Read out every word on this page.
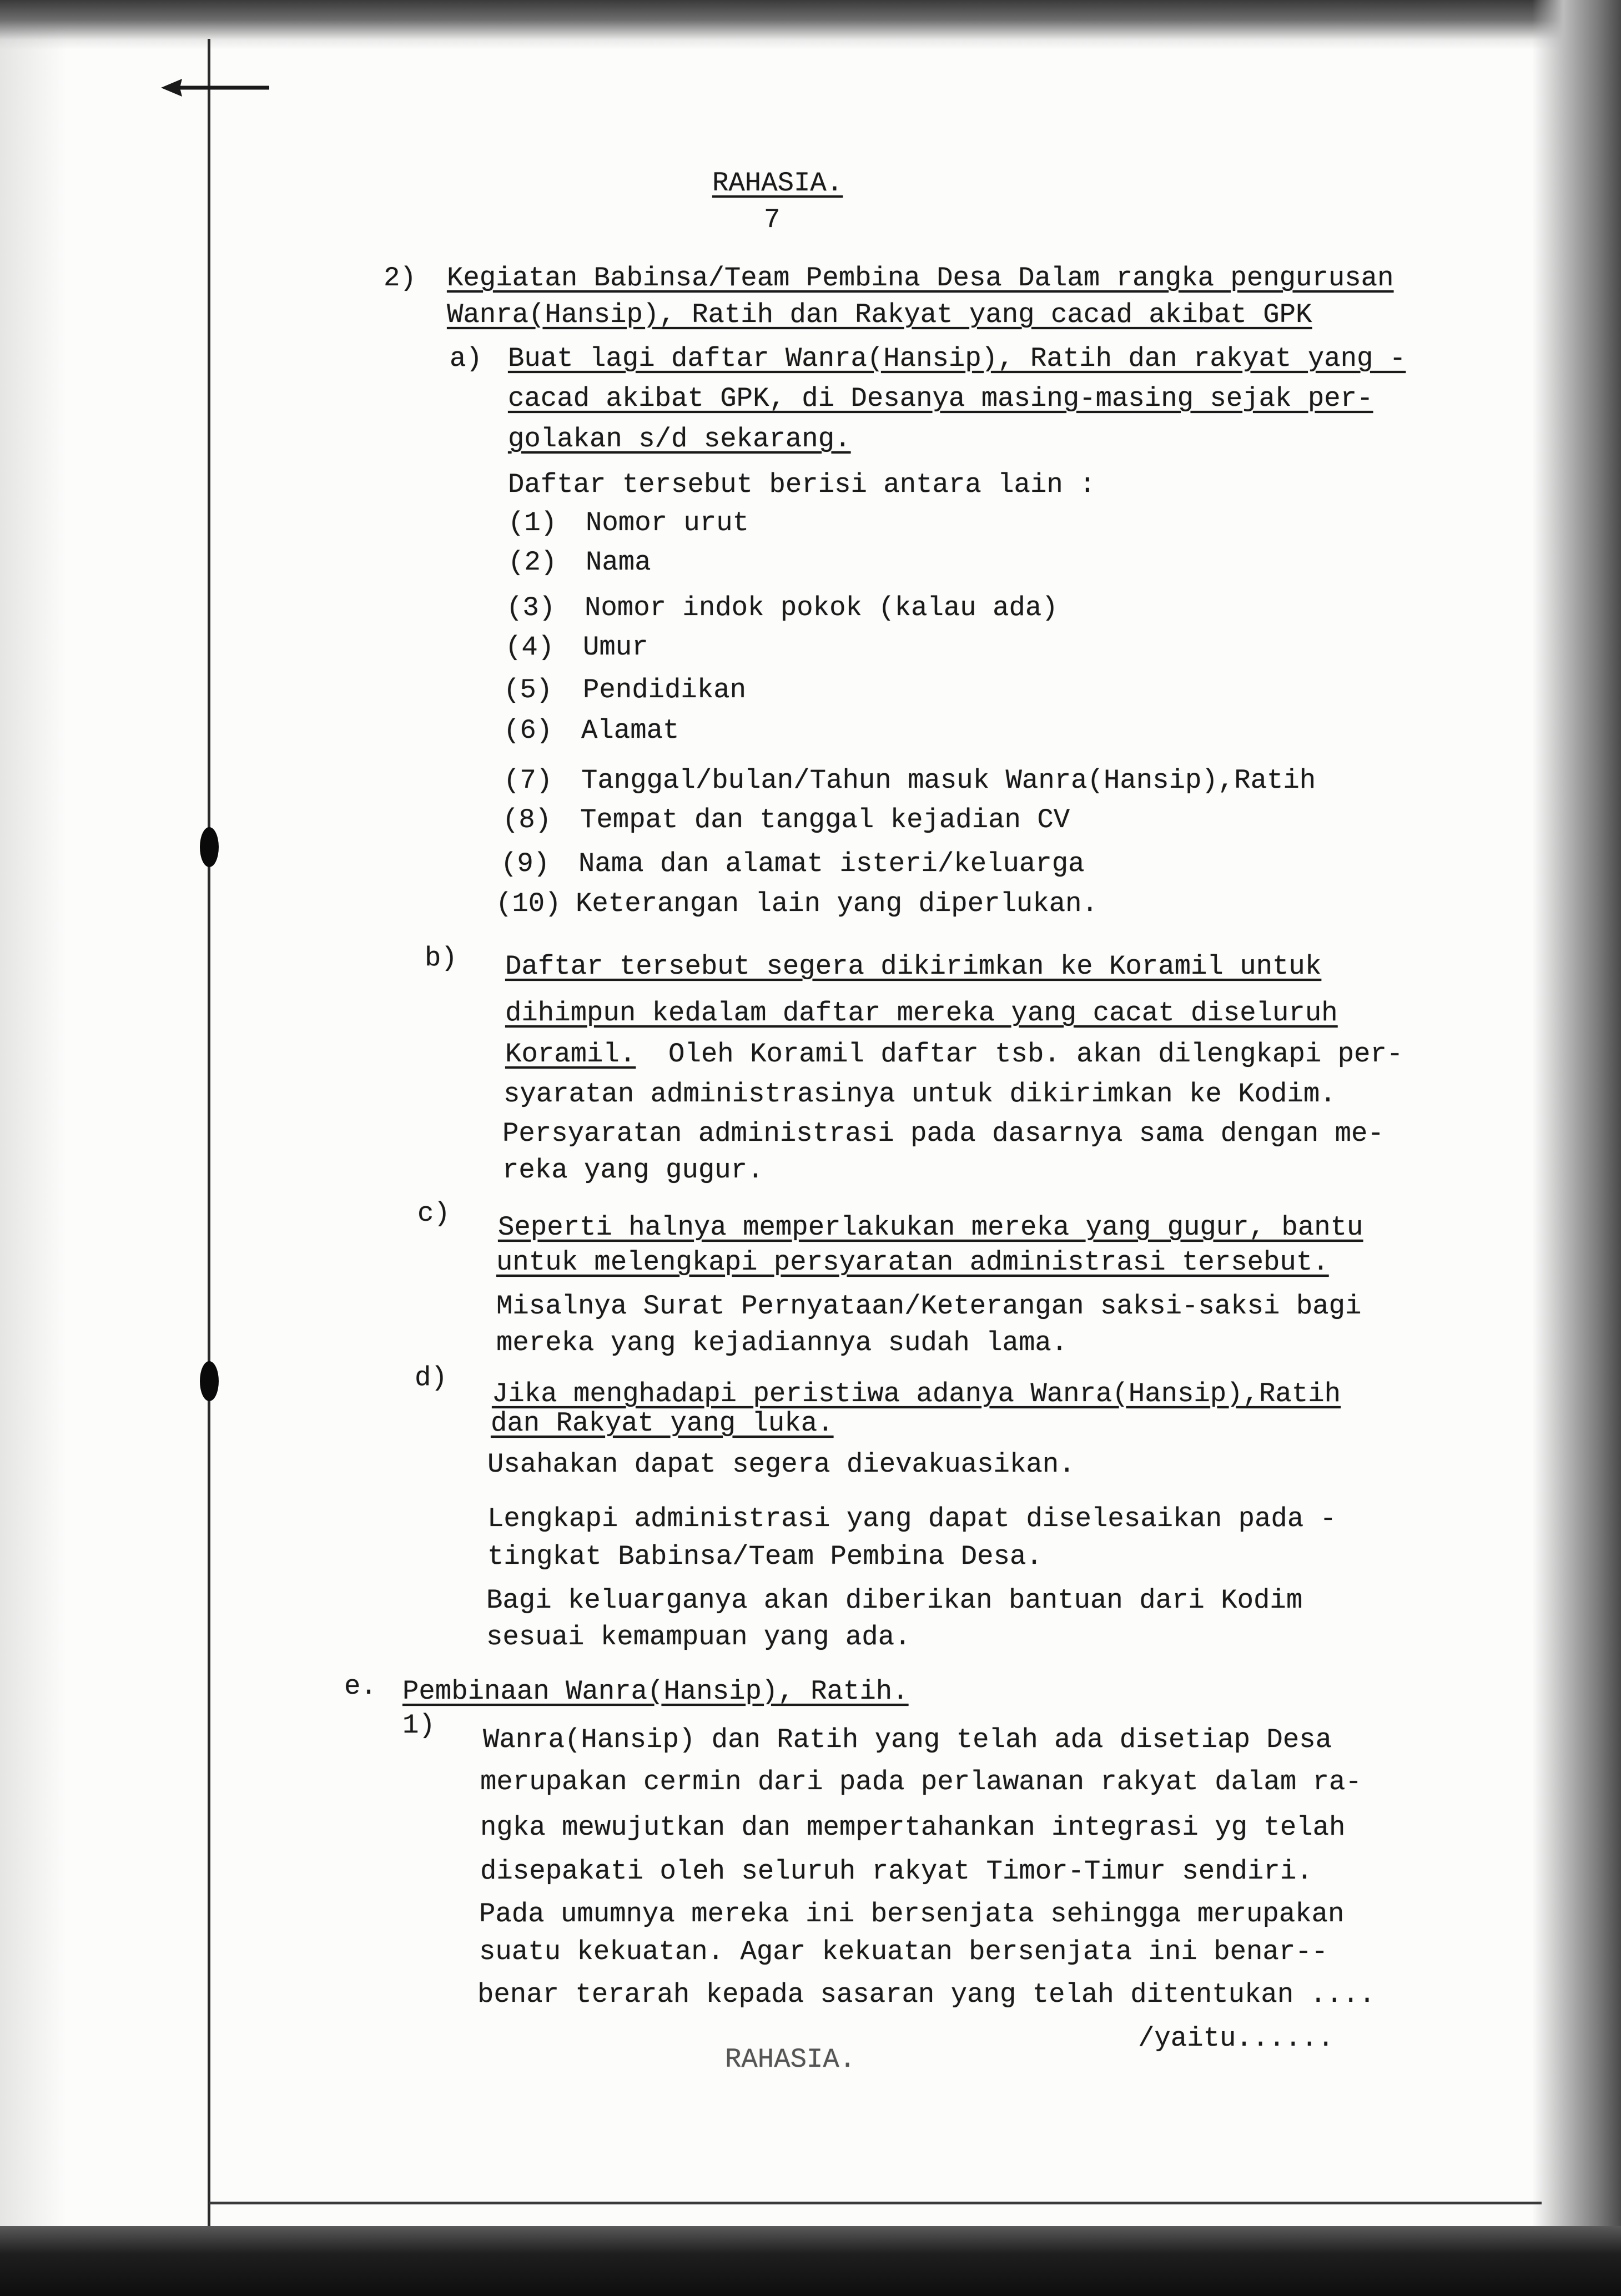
RAHASIA.
7
2) Kegiatan Babinsa/Team Pembina Desa Dalam rangka pengurusan
Wanra(Hansip), Ratih dan Rakyat yang cacad akibat GPK
a) Buat lagi daftar Wanra(Hansip), Ratih dan rakyat yang -
cacad akibat GPK, di Desanya masing-masing sejak per-
golakan s/d sekarang.
Daftar tersebut berisi antara lain :
(1) Nomor urut
(2) Nama
(3) Nomor indok pokok (kalau ada)
(4) Umur
(5) Pendidikan
(6) Alamat
(7) Tanggal/bulan/Tahun masuk Wanra(Hansip),Ratih
(8) Tempat dan tanggal kejadian CV
(9) Nama dan alamat isteri/keluarga
(10) Keterangan lain yang diperlukan.
b) Daftar tersebut segera dikirimkan ke Koramil untuk
dihimpun kedalam daftar mereka yang cacat diseluruh
Koramil.  Oleh Koramil daftar tsb. akan dilengkapi per-
syaratan administrasinya untuk dikirimkan ke Kodim.
Persyaratan administrasi pada dasarnya sama dengan me-
reka yang gugur.
c) Seperti halnya memperlakukan mereka yang gugur, bantu
untuk melengkapi persyaratan administrasi tersebut.
Misalnya Surat Pernyataan/Keterangan saksi-saksi bagi
mereka yang kejadiannya sudah lama.
d)
Jika menghadapi peristiwa adanya Wanra(Hansip),Ratih
dan Rakyat yang luka.
Usahakan dapat segera dievakuasikan.
Lengkapi administrasi yang dapat diselesaikan pada -
tingkat Babinsa/Team Pembina Desa.
Bagi keluarganya akan diberikan bantuan dari Kodim
sesuai kemampuan yang ada.
e. Pembinaan Wanra(Hansip), Ratih.
1) Wanra(Hansip) dan Ratih yang telah ada disetiap Desa
merupakan cermin dari pada perlawanan rakyat dalam ra-
ngka mewujutkan dan mempertahankan integrasi yg telah
disepakati oleh seluruh rakyat Timor-Timur sendiri.
Pada umumnya mereka ini bersenjata sehingga merupakan
suatu kekuatan. Agar kekuatan bersenjata ini benar--
benar terarah kepada sasaran yang telah ditentukan ....
/yaitu......
RAHASIA.
